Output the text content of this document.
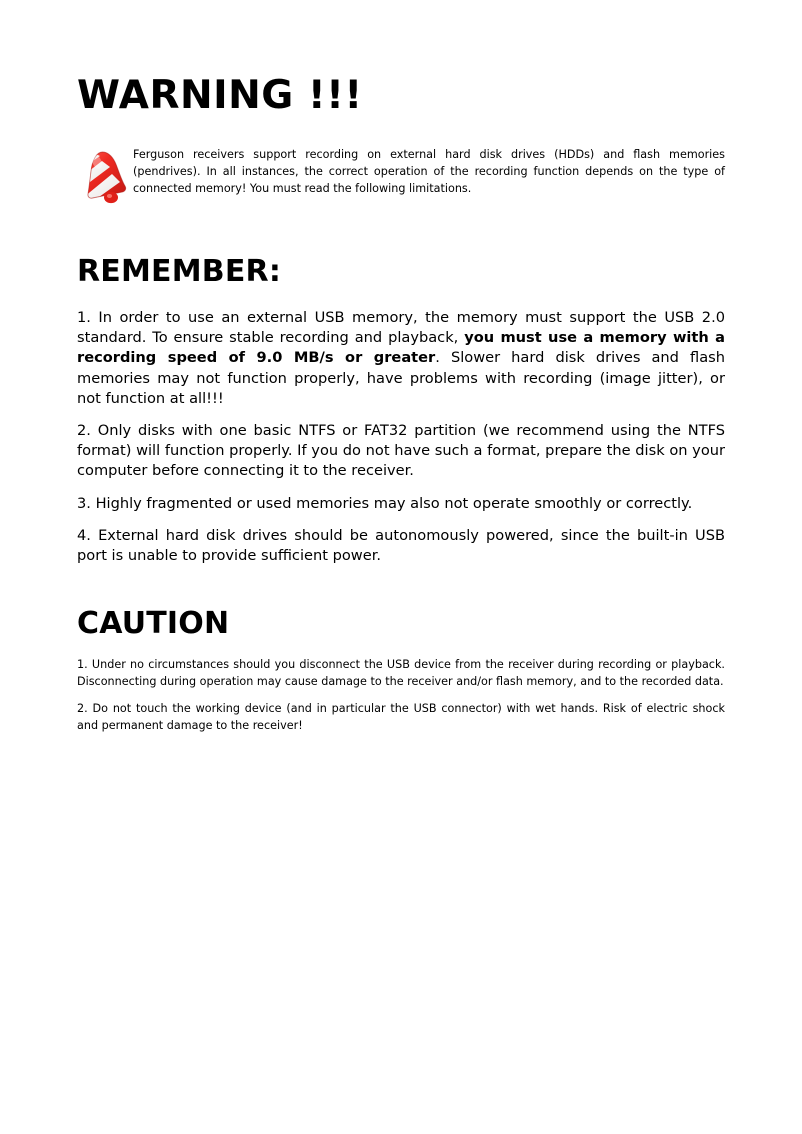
WARNING !!!

Ferguson receivers support recording on external hard disk drives (HDDs) and flash memories (pendrives). In all instances, the correct operation of the recording function depends on the type of connected memory! You must read the following limitations.

REMEMBER:

1. In order to use an external USB memory, the memory must support the USB 2.0 standard. To ensure stable recording and playback, you must use a memory with a recording speed of 9.0 MB/s or greater. Slower hard disk drives and flash memories may not function properly, have problems with recording (image jitter), or not function at all!!!

2. Only disks with one basic NTFS or FAT32 partition (we recommend using the NTFS format) will function properly. If you do not have such a format, prepare the disk on your computer before connecting it to the receiver.

3. Highly fragmented or used memories may also not operate smoothly or correctly.

4. External hard disk drives should be autonomously powered, since the built-in USB port is unable to provide sufficient power.

CAUTION

1. Under no circumstances should you disconnect the USB device from the receiver during recording or playback. Disconnecting during operation may cause damage to the receiver and/or flash memory, and to the recorded data.

2. Do not touch the working device (and in particular the USB connector) with wet hands. Risk of electric shock and permanent damage to the receiver!
